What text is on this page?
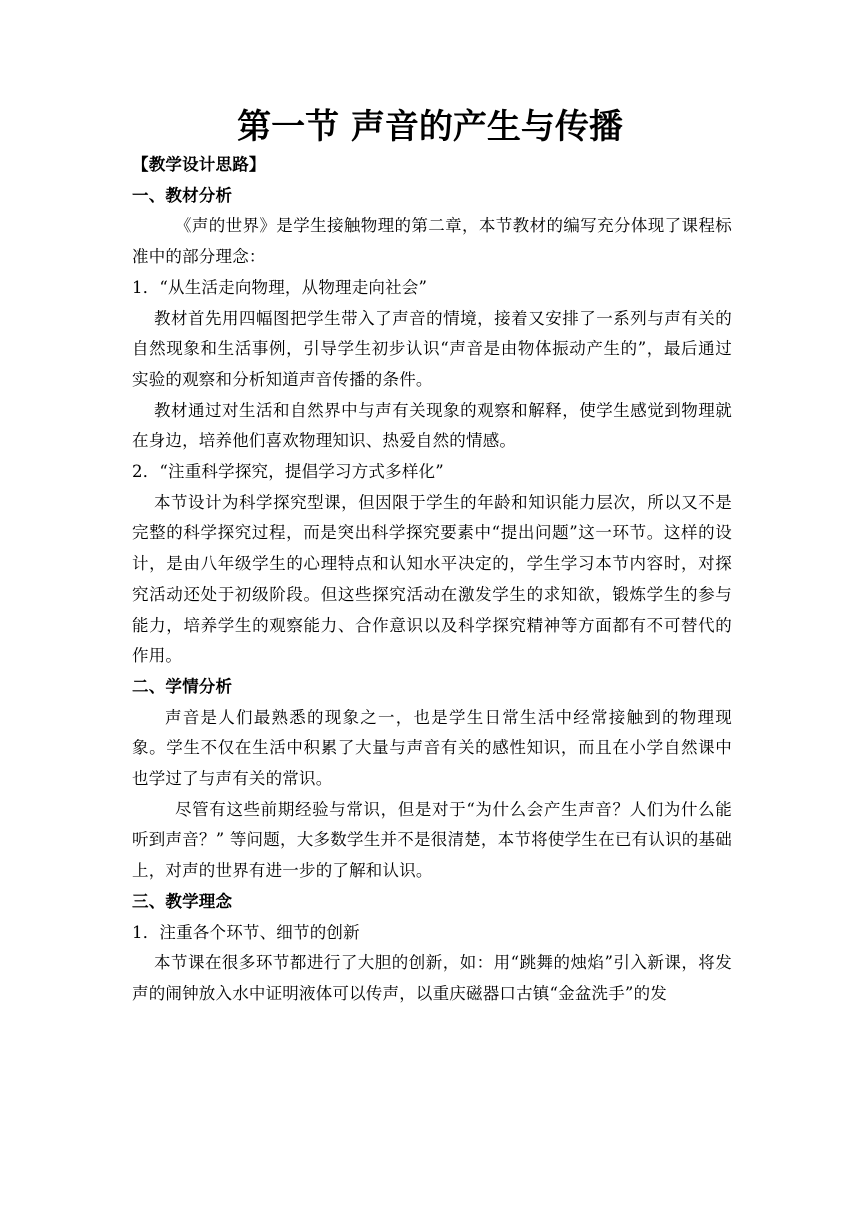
第一节 声音的产生与传播

【教学设计思路】

一、教材分析

《声的世界》是学生接触物理的第二章，本节教材的编写充分体现了课程标准中的部分理念：

1．“从生活走向物理，从物理走向社会”

教材首先用四幅图把学生带入了声音的情境，接着又安排了一系列与声有关的自然现象和生活事例，引导学生初步认识“声音是由物体振动产生的”，最后通过实验的观察和分析知道声音传播的条件。

教材通过对生活和自然界中与声有关现象的观察和解释，使学生感觉到物理就在身边，培养他们喜欢物理知识、热爱自然的情感。

2．“注重科学探究，提倡学习方式多样化”

本节设计为科学探究型课，但因限于学生的年龄和知识能力层次，所以又不是完整的科学探究过程，而是突出科学探究要素中“提出问题”这一环节。这样的设计，是由八年级学生的心理特点和认知水平决定的，学生学习本节内容时，对探究活动还处于初级阶段。但这些探究活动在激发学生的求知欲，锻炼学生的参与能力，培养学生的观察能力、合作意识以及科学探究精神等方面都有不可替代的作用。

二、学情分析

声音是人们最熟悉的现象之一，也是学生日常生活中经常接触到的物理现象。学生不仅在生活中积累了大量与声音有关的感性知识，而且在小学自然课中也学过了与声有关的常识。

尽管有这些前期经验与常识，但是对于“为什么会产生声音？人们为什么能听到声音？” 等问题，大多数学生并不是很清楚，本节将使学生在已有认识的基础上，对声的世界有进一步的了解和认识。

三、教学理念

1．注重各个环节、细节的创新

本节课在很多环节都进行了大胆的创新，如：用“跳舞的烛焰”引入新课，将发声的闹钟放入水中证明液体可以传声，以重庆磁器口古镇“金盆洗手”的发
